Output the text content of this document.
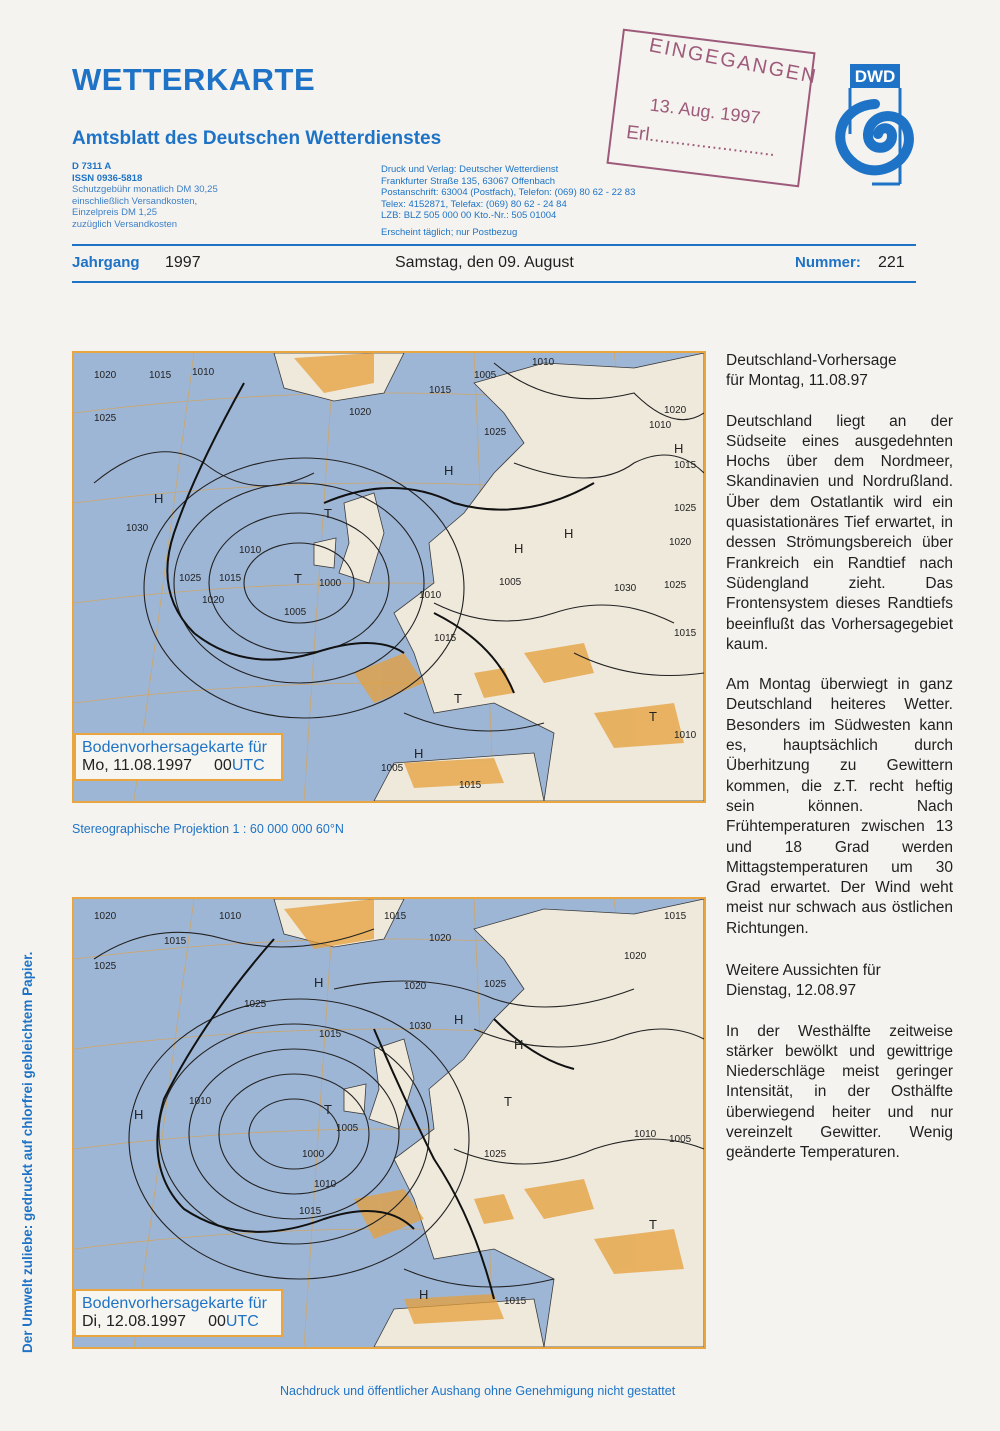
WETTERKARTE
Amtsblatt des Deutschen Wetterdienstes
D 7311 A
ISSN 0936-5818
Schutzgebühr monatlich DM 30,25
einschließlich Versandkosten,
Einzelpreis DM 1,25
zuzüglich Versandkosten
Druck und Verlag: Deutscher Wetterdienst
Frankfurter Straße 135, 63067 Offenbach
Postanschrift: 63004 (Postfach), Telefon: (069) 80 62 - 22 83
Telex: 4152871, Telefax: (069) 80 62 - 24 84
LZB: BLZ 505 000 00 Kto.-Nr.: 505 01004
Erscheint täglich; nur Postbezug
EINGEGANGEN
13. Aug. 1997
Erl........................
DWD
Jahrgang 1997	Samstag, den 09. August	Nummer: 221
1020	1015 1010	1005
1010
1015
1025
1020
1025
1030
1025
1010
1015
1020
1005
1000
1010
1015
1020
1015
1025
1020
1030	1025
1015
1010
1005
1005
1015
1010
H
H
T
T
H
H
T
T
H
H
Bodenvorhersagekarte für
Mo, 11.08.1997 00UTC
Stereographische Projektion 1 : 60 000 000 60°N
1020	1010
1015
1025
1015
1020
1025
1015
1030
1025
1020
1010
1005
1000
1010
1015
1025
1015
1010 1005
1015
1020
H
H
H	T
H
T
H
T
Bodenvorhersagekarte für
Di, 12.08.1997 00UTC
Deutschland-Vorhersage
für Montag, 11.08.97
Deutschland liegt an der Südseite eines ausgedehnten Hochs über dem Nordmeer, Skandinavien und Nordrußland. Über dem Ostatlantik wird ein quasistationäres Tief erwartet, in dessen Strömungsbereich über Frankreich ein Randtief nach Südengland zieht. Das Frontensystem dieses Randtiefs beeinflußt das Vorhersagegebiet kaum.
Am Montag überwiegt in ganz Deutschland heiteres Wetter. Besonders im Südwesten kann es, hauptsächlich durch Überhitzung zu Gewittern kommen, die z.T. recht heftig sein können. Nach Frühtemperaturen zwischen 13 und 18 Grad werden Mittagstemperaturen um 30 Grad erwartet. Der Wind weht meist nur schwach aus östlichen Richtungen.
Weitere Aussichten für
Dienstag, 12.08.97
In der Westhälfte zeitweise stärker bewölkt und gewittrige Niederschläge meist geringer Intensität, in der Osthälfte überwiegend heiter und nur vereinzelt Gewitter. Wenig geänderte Temperaturen.
Der Umwelt zuliebe: gedruckt auf chlorfrei gebleichtem Papier.
Nachdruck und öffentlicher Aushang ohne Genehmigung nicht gestattet
